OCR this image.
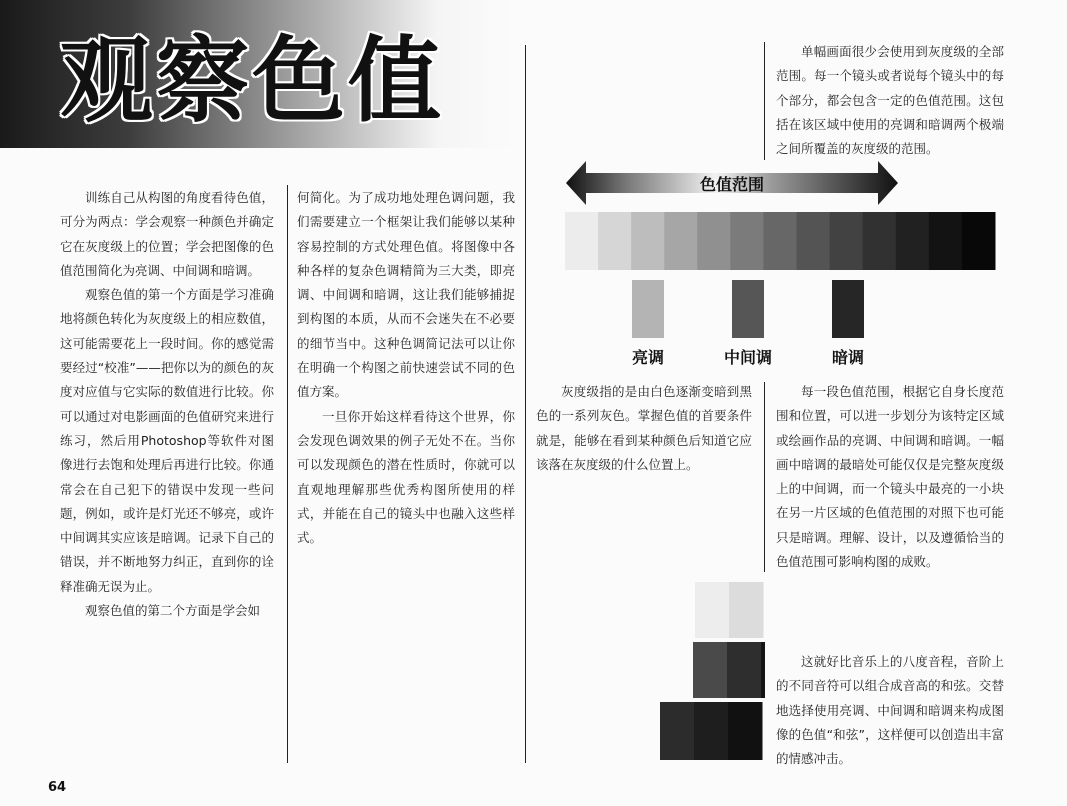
观察色值

训练自己从构图的角度看待色值，可分为两点：学会观察一种颜色并确定它在灰度级上的位置；学会把图像的色值范围简化为亮调、中间调和暗调。

观察色值的第一个方面是学习准确地将颜色转化为灰度级上的相应数值，这可能需要花上一段时间。你的感觉需要经过“校准”——把你以为的颜色的灰度对应值与它实际的数值进行比较。你可以通过对电影画面的色值研究来进行练习，然后用Photoshop等软件对图像进行去饱和处理后再进行比较。你通常会在自己犯下的错误中发现一些问题，例如，或许是灯光还不够亮，或许中间调其实应该是暗调。记录下自己的错误，并不断地努力纠正，直到你的诠释准确无误为止。

观察色值的第二个方面是学会如

何简化。为了成功地处理色调问题，我们需要建立一个框架让我们能够以某种容易控制的方式处理色值。将图像中各种各样的复杂色调精简为三大类，即亮调、中间调和暗调，这让我们能够捕捉到构图的本质，从而不会迷失在不必要的细节当中。这种色调简记法可以让你在明确一个构图之前快速尝试不同的色值方案。

一旦你开始这样看待这个世界，你会发现色调效果的例子无处不在。当你可以发现颜色的潜在性质时，你就可以直观地理解那些优秀构图所使用的样式，并能在自己的镜头中也融入这些样式。

单幅画面很少会使用到灰度级的全部范围。每一个镜头或者说每个镜头中的每个部分，都会包含一定的色值范围。这包括在该区域中使用的亮调和暗调两个极端之间所覆盖的灰度级的范围。

色值范围
亮调	中间调	暗调

灰度级指的是由白色逐渐变暗到黑色的一系列灰色。掌握色值的首要条件就是，能够在看到某种颜色后知道它应该落在灰度级的什么位置上。

每一段色值范围，根据它自身长度范围和位置，可以进一步划分为该特定区域或绘画作品的亮调、中间调和暗调。一幅画中暗调的最暗处可能仅仅是完整灰度级上的中间调，而一个镜头中最亮的一小块在另一片区域的色值范围的对照下也可能只是暗调。理解、设计，以及遵循恰当的色值范围可影响构图的成败。

这就好比音乐上的八度音程，音阶上的不同音符可以组合成音高的和弦。交替地选择使用亮调、中间调和暗调来构成图像的色值“和弦”，这样便可以创造出丰富的情感冲击。

64
